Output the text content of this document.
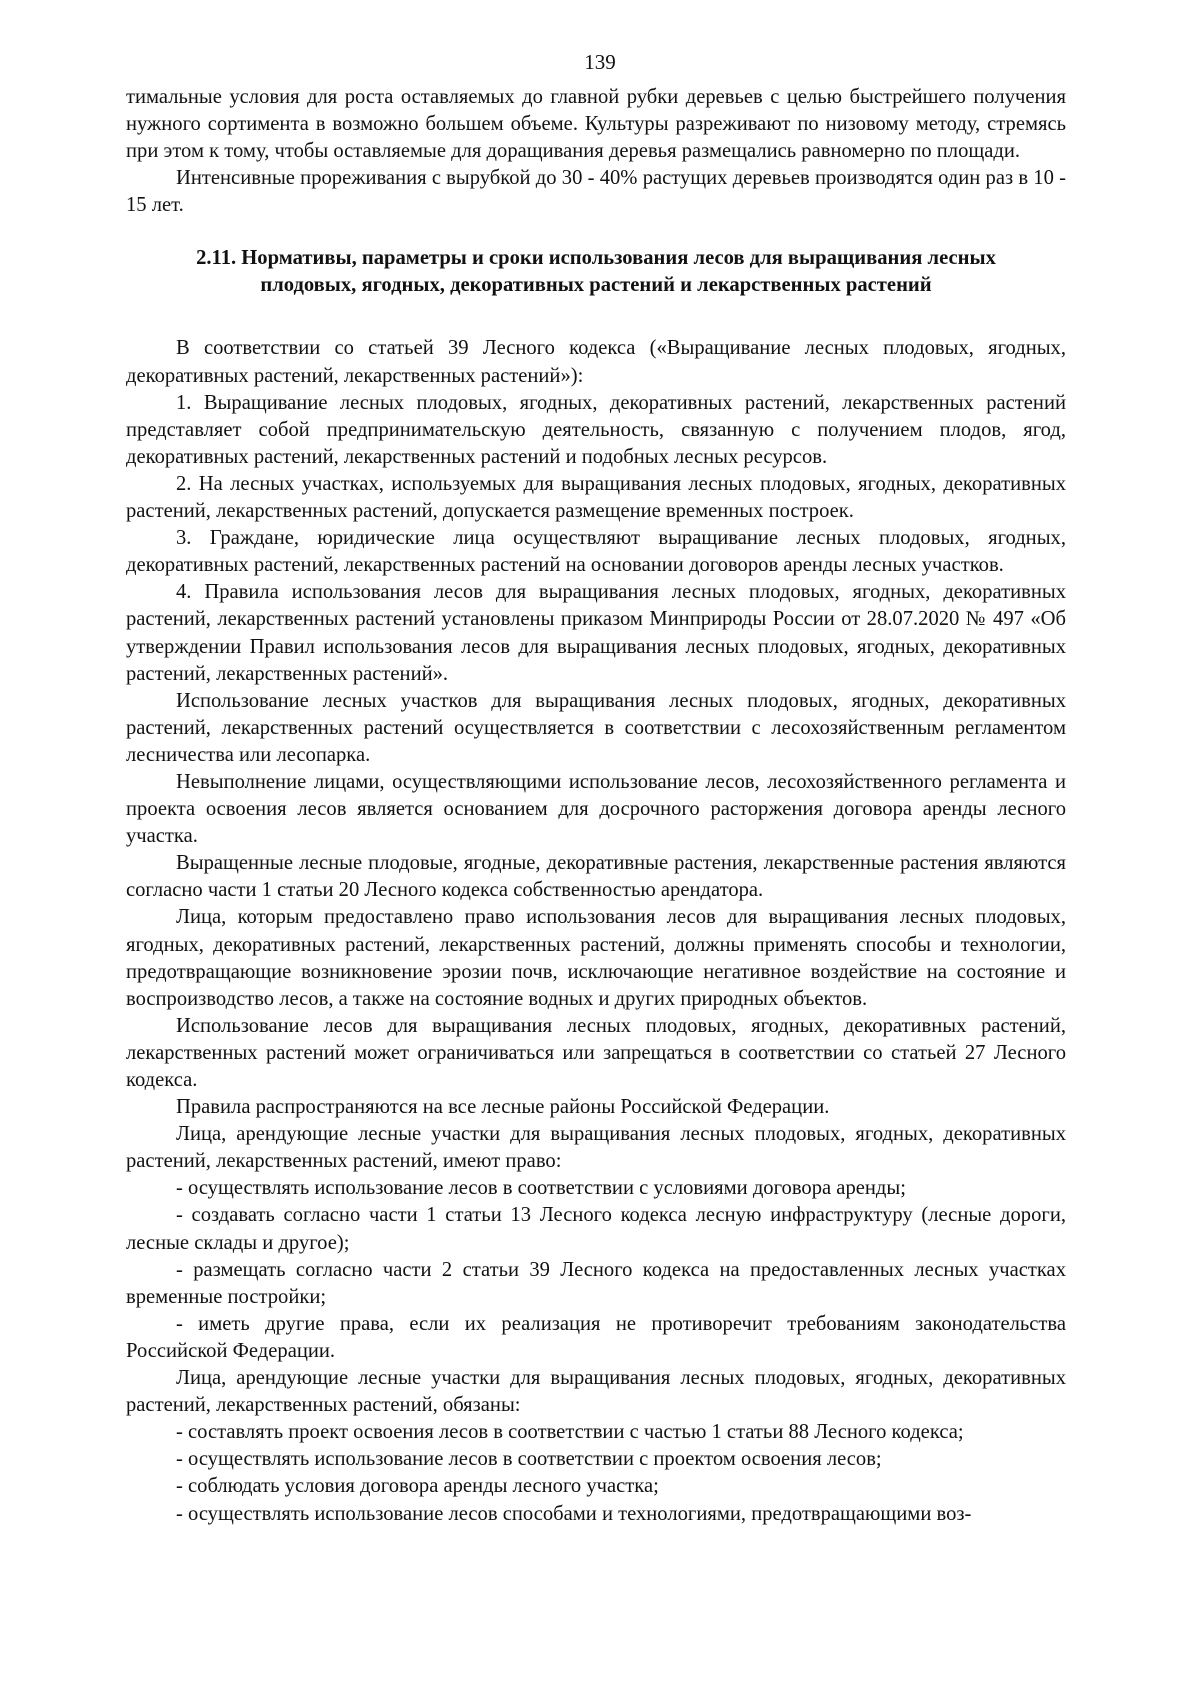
139

тимальные условия для роста оставляемых до главной рубки деревьев с целью быстрейшего получения нужного сортимента в возможно большем объеме. Культуры разреживают по низовому методу, стремясь при этом к тому, чтобы оставляемые для доращивания деревья размещались равномерно по площади.

Интенсивные прореживания с вырубкой до 30 - 40% растущих деревьев производятся один раз в 10 - 15 лет.

2.11. Нормативы, параметры и сроки использования лесов для выращивания лесных
плодовых, ягодных, декоративных растений и лекарственных растений

В соответствии со статьей 39 Лесного кодекса («Выращивание лесных плодовых, ягодных, декоративных растений, лекарственных растений»):

1. Выращивание лесных плодовых, ягодных, декоративных растений, лекарственных растений представляет собой предпринимательскую деятельность, связанную с получением плодов, ягод, декоративных растений, лекарственных растений и подобных лесных ресурсов.

2. На лесных участках, используемых для выращивания лесных плодовых, ягодных, декоративных растений, лекарственных растений, допускается размещение временных построек.

3. Граждане, юридические лица осуществляют выращивание лесных плодовых, ягодных, декоративных растений, лекарственных растений на основании договоров аренды лесных участков.

4. Правила использования лесов для выращивания лесных плодовых, ягодных, декоративных растений, лекарственных растений установлены приказом Минприроды России от 28.07.2020 № 497 «Об утверждении Правил использования лесов для выращивания лесных плодовых, ягодных, декоративных растений, лекарственных растений».

Использование лесных участков для выращивания лесных плодовых, ягодных, декоративных растений, лекарственных растений осуществляется в соответствии с лесохозяйственным регламентом лесничества или лесопарка.

Невыполнение лицами, осуществляющими использование лесов, лесохозяйственного регламента и проекта освоения лесов является основанием для досрочного расторжения договора аренды лесного участка.

Выращенные лесные плодовые, ягодные, декоративные растения, лекарственные растения являются согласно части 1 статьи 20 Лесного кодекса собственностью арендатора.

Лица, которым предоставлено право использования лесов для выращивания лесных плодовых, ягодных, декоративных растений, лекарственных растений, должны применять способы и технологии, предотвращающие возникновение эрозии почв, исключающие негативное воздействие на состояние и воспроизводство лесов, а также на состояние водных и других природных объектов.

Использование лесов для выращивания лесных плодовых, ягодных, декоративных растений, лекарственных растений может ограничиваться или запрещаться в соответствии со статьей 27 Лесного кодекса.

Правила распространяются на все лесные районы Российской Федерации.

Лица, арендующие лесные участки для выращивания лесных плодовых, ягодных, декоративных растений, лекарственных растений, имеют право:

- осуществлять использование лесов в соответствии с условиями договора аренды;

- создавать согласно части 1 статьи 13 Лесного кодекса лесную инфраструктуру (лесные дороги, лесные склады и другое);

- размещать согласно части 2 статьи 39 Лесного кодекса на предоставленных лесных участках временные постройки;

- иметь другие права, если их реализация не противоречит требованиям законодательства Российской Федерации.

Лица, арендующие лесные участки для выращивания лесных плодовых, ягодных, декоративных растений, лекарственных растений, обязаны:

- составлять проект освоения лесов в соответствии с частью 1 статьи 88 Лесного кодекса;

- осуществлять использование лесов в соответствии с проектом освоения лесов;

- соблюдать условия договора аренды лесного участка;

- осуществлять использование лесов способами и технологиями, предотвращающими воз-
